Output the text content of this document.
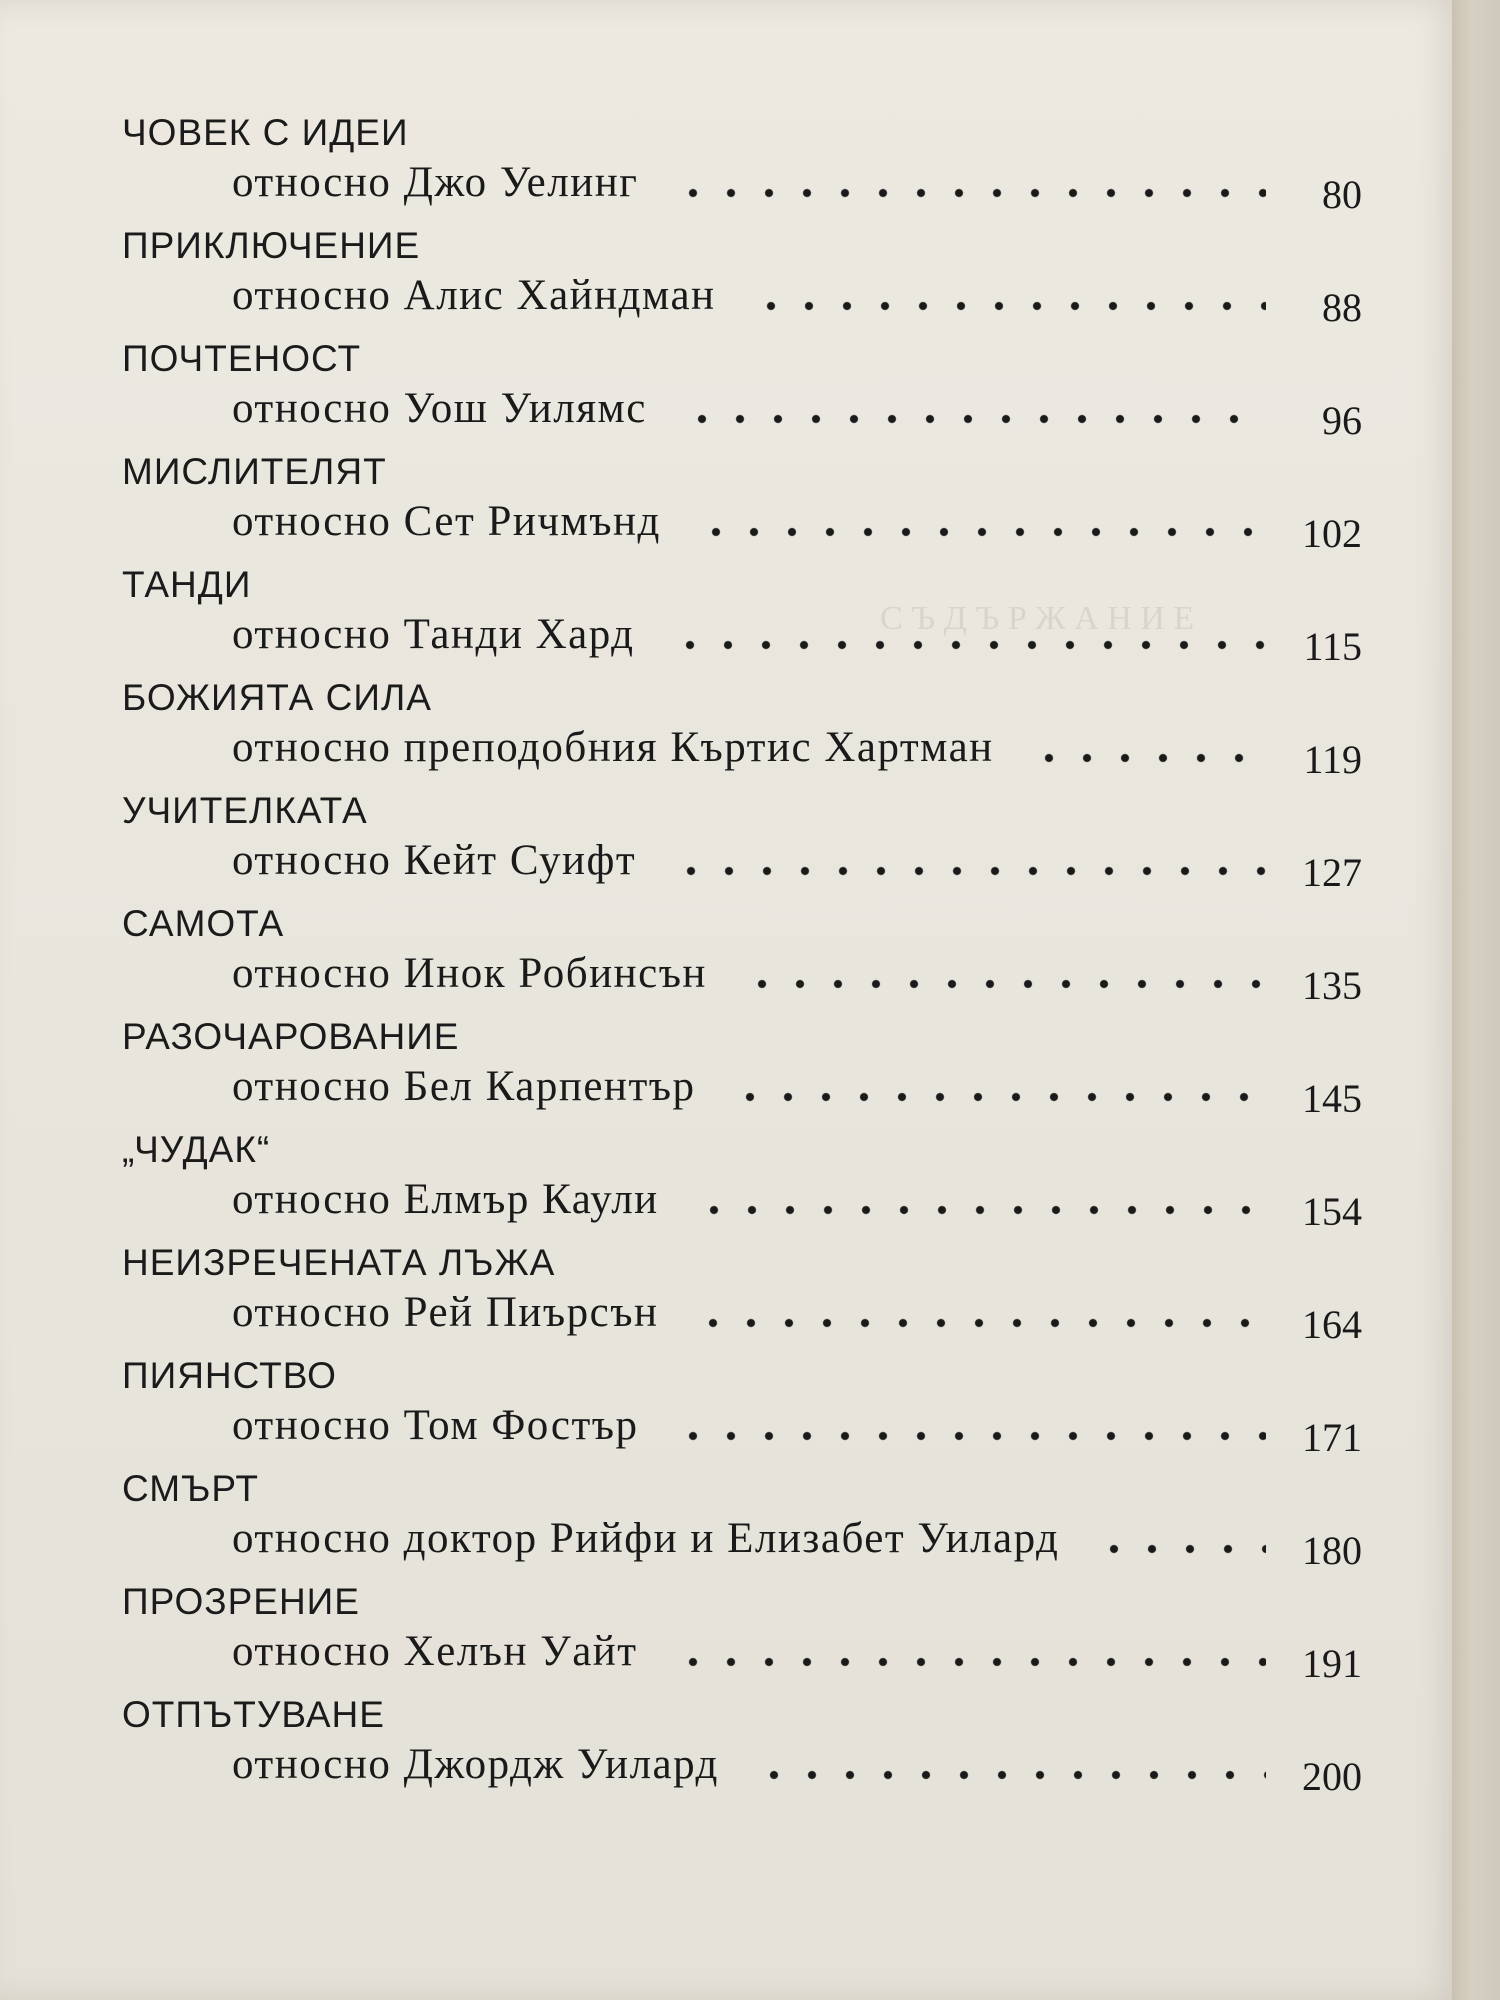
С Ъ Д Ъ Р Ж А Н И Е
ЧОВЕК С ИДЕИ
относно Джо Уелинг	80
ПРИКЛЮЧЕНИЕ
относно Алис Хайндман	88
ПОЧТЕНОСТ
относно Уош Уилямс	96
МИСЛИТЕЛЯТ
относно Сет Ричмънд	102
ТАНДИ
относно Танди Хард	115
БОЖИЯТА СИЛА
относно преподобния Къртис Хартман	119
УЧИТЕЛКАТА
относно Кейт Суифт	127
САМОТА
относно Инок Робинсън	135
РАЗОЧАРОВАНИЕ
относно Бел Карпентър	145
„ЧУДАК“
относно Елмър Каули	154
НЕИЗРЕЧЕНАТА ЛЪЖА
относно Рей Пиърсън	164
ПИЯНСТВО
относно Том Фостър	171
СМЪРТ
относно доктор Рийфи и Елизабет Уилард	180
ПРОЗРЕНИЕ
относно Хелън Уайт	191
ОТПЪТУВАНЕ
относно Джордж Уилард	200
